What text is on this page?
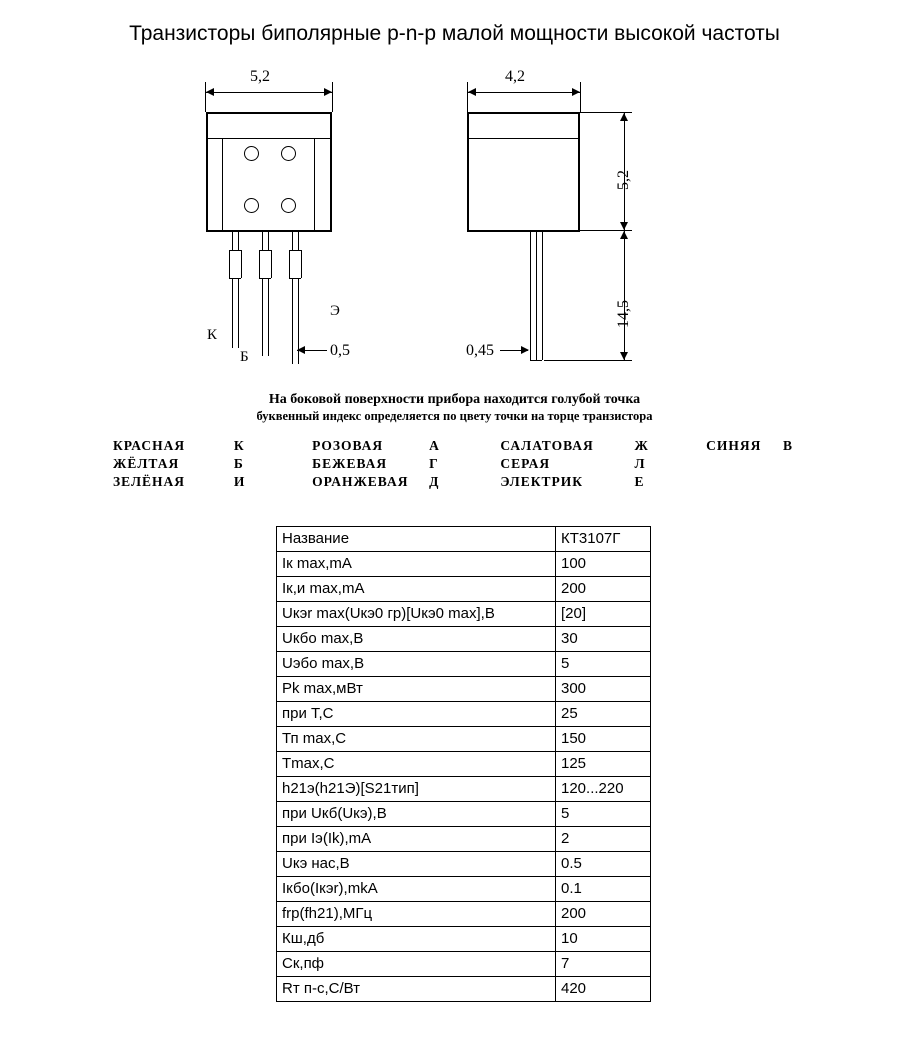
Транзисторы биполярные p-n-p малой мощности высокой частоты
5,2
К
Б
Э
0,5
4,2
5,2
14,5
0,45
На боковой поверхности прибора находится голубой точка
буквенный индекс определяется по цвету точки на торце транзистора
КРАСНАЯ	К	РОЗОВАЯ	А	САЛАТОВАЯ	Ж	СИНЯЯ	В
ЖЁЛТАЯ	Б	БЕЖЕВАЯ	Г	СЕРАЯ	Л		
ЗЕЛЁНАЯ	И	ОРАНЖЕВАЯ	Д	ЭЛЕКТРИК	Е		
Название	КТ3107Г
Iк max,mA	100
Iк,и max,mA	200
Uкэr max(Uкэ0 гр)[Uкэ0 max],В	[20]
Uкбо max,В	30
Uэбо max,В	5
Pk max,мВт	300
при Т,С	25
Тп max,С	150
Тmax,С	125
h21э(h21Э)[S21тип]	120...220
при Uкб(Uкэ),В	5
при Iэ(Ik),mA	2
Uкэ нас,В	0.5
Iкбо(Iкэr),mkA	0.1
frp(fh21),МГц	200
Кш,дб	10
Ск,пф	7
Rт п-с,С/Вт	420
